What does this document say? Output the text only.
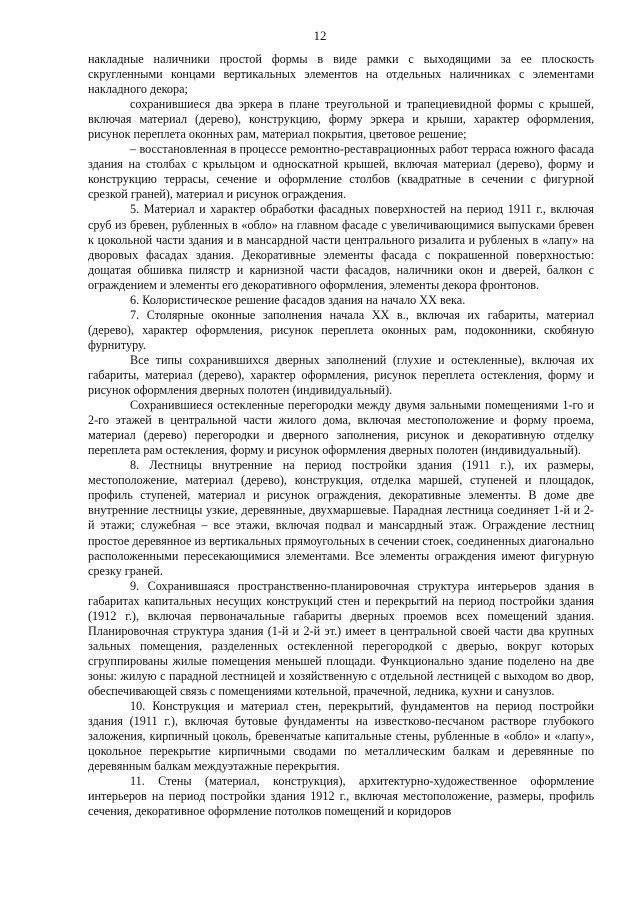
12

накладные наличники простой формы в виде рамки с выходящими за ее плоскость скругленными концами вертикальных элементов на отдельных наличниках с элементами накладного декора;

сохранившиеся два эркера в плане треугольной и трапециевидной формы с крышей, включая материал (дерево), конструкцию, форму эркера и крыши, характер оформления, рисунок переплета оконных рам, материал покрытия, цветовое решение;

– восстановленная в процессе ремонтно-реставрационных работ терраса южного фасада здания на столбах с крыльцом и односкатной крышей, включая материал (дерево), форму и конструкцию террасы, сечение и оформление столбов (квадратные в сечении с фигурной срезкой граней), материал и рисунок ограждения.

5. Материал и характер обработки фасадных поверхностей на период 1911 г., включая сруб из бревен, рубленных в «обло» на главном фасаде с увеличивающимися выпусками бревен к цокольной части здания и в мансардной части центрального ризалита и рубленых в «лапу» на дворовых фасадах здания. Декоративные элементы фасада с покрашенной поверхностью: дощатая обшивка пилястр и карнизной части фасадов, наличники окон и дверей, балкон с ограждением и элементы его декоративного оформления, элементы декора фронтонов.

6. Колористическое решение фасадов здания на начало XX века.

7. Столярные оконные заполнения начала XX в., включая их габариты, материал (дерево), характер оформления, рисунок переплета оконных рам, подоконники, скобяную фурнитуру.

Все типы сохранившихся дверных заполнений (глухие и остекленные), включая их габариты, материал (дерево), характер оформления, рисунок переплета остекления, форму и рисунок оформления дверных полотен (индивидуальный).

Сохранившиеся остекленные перегородки между двумя зальными помещениями 1-го и 2-го этажей в центральной части жилого дома, включая местоположение и форму проема, материал (дерево) перегородки и дверного заполнения, рисунок и декоративную отделку переплета рам остекления, форму и рисунок оформления дверных полотен (индивидуальный).

8. Лестницы внутренние на период постройки здания (1911 г.), их размеры, местоположение, материал (дерево), конструкция, отделка маршей, ступеней и площадок, профиль ступеней, материал и рисунок ограждения, декоративные элементы. В доме две внутренние лестницы узкие, деревянные, двухмаршевые. Парадная лестница соединяет 1-й и 2-й этажи; служебная – все этажи, включая подвал и мансардный этаж. Ограждение лестниц простое деревянное из вертикальных прямоугольных в сечении стоек, соединенных диагонально расположенными пересекающимися элементами. Все элементы ограждения имеют фигурную срезку граней.

9. Сохранившаяся пространственно-планировочная структура интерьеров здания в габаритах капитальных несущих конструкций стен и перекрытий на период постройки здания (1912 г.), включая первоначальные габариты дверных проемов всех помещений здания. Планировочная структура здания (1-й и 2-й эт.) имеет в центральной своей части два крупных зальных помещения, разделенных остекленной перегородкой с дверью, вокруг которых сгруппированы жилые помещения меньшей площади. Функционально здание поделено на две зоны: жилую с парадной лестницей и хозяйственную с отдельной лестницей с выходом во двор, обеспечивающей связь с помещениями котельной, прачечной, ледника, кухни и санузлов.

10. Конструкция и материал стен, перекрытий, фундаментов на период постройки здания (1911 г.), включая бутовые фундаменты на известково-песчаном растворе глубокого заложения, кирпичный цоколь, бревенчатые капитальные стены, рубленные в «обло» и «лапу», цокольное перекрытие кирпичными сводами по металлическим балкам и деревянные по деревянным балкам междуэтажные перекрытия.

11. Стены (материал, конструкция), архитектурно-художественное оформление интерьеров на период постройки здания 1912 г., включая местоположение, размеры, профиль сечения, декоративное оформление потолков помещений и коридоров
